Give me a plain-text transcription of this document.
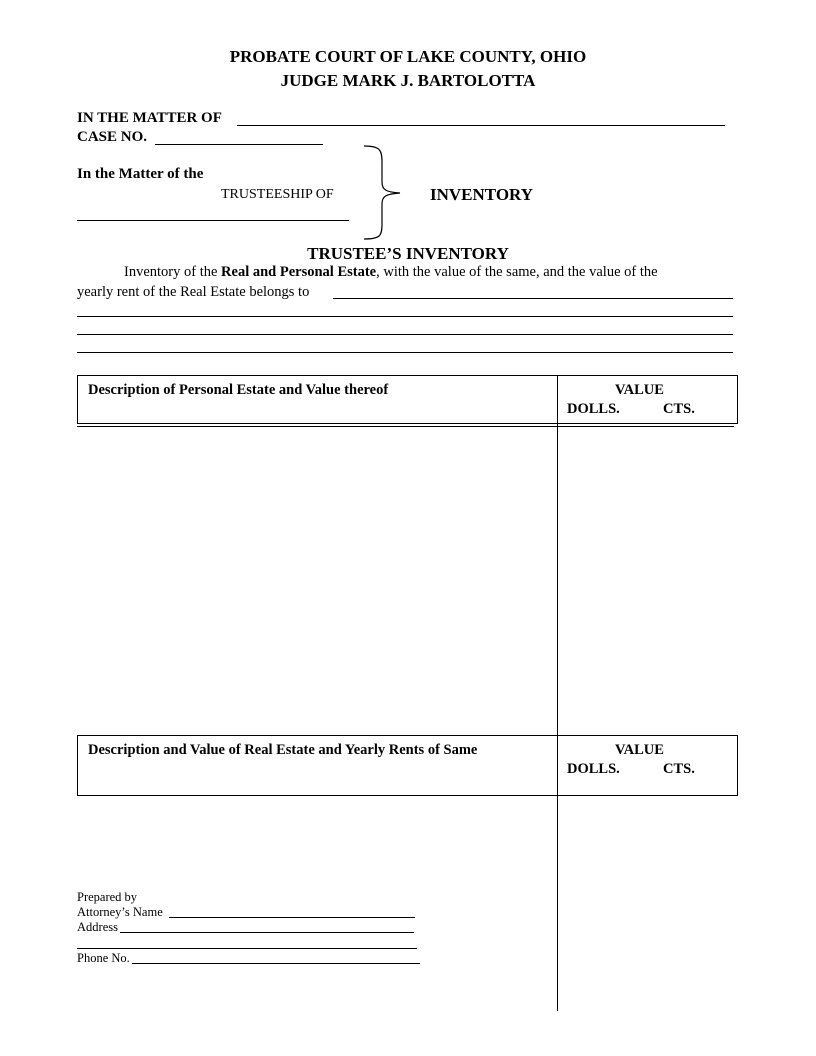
PROBATE COURT OF LAKE COUNTY, OHIO
JUDGE MARK J. BARTOLOTTA
IN THE MATTER OF
CASE NO.
In the Matter of the
TRUSTEESHIP OF	INVENTORY
TRUSTEE’S INVENTORY
Inventory of the Real and Personal Estate, with the value of the same, and the value of the
yearly rent of the Real Estate belongs to
Description of Personal Estate and Value thereof	VALUE
DOLLS.	CTS.
Description and Value of Real Estate and Yearly Rents of Same	VALUE
DOLLS.	CTS.
Prepared by
Attorney’s Name
Address
Phone No.
